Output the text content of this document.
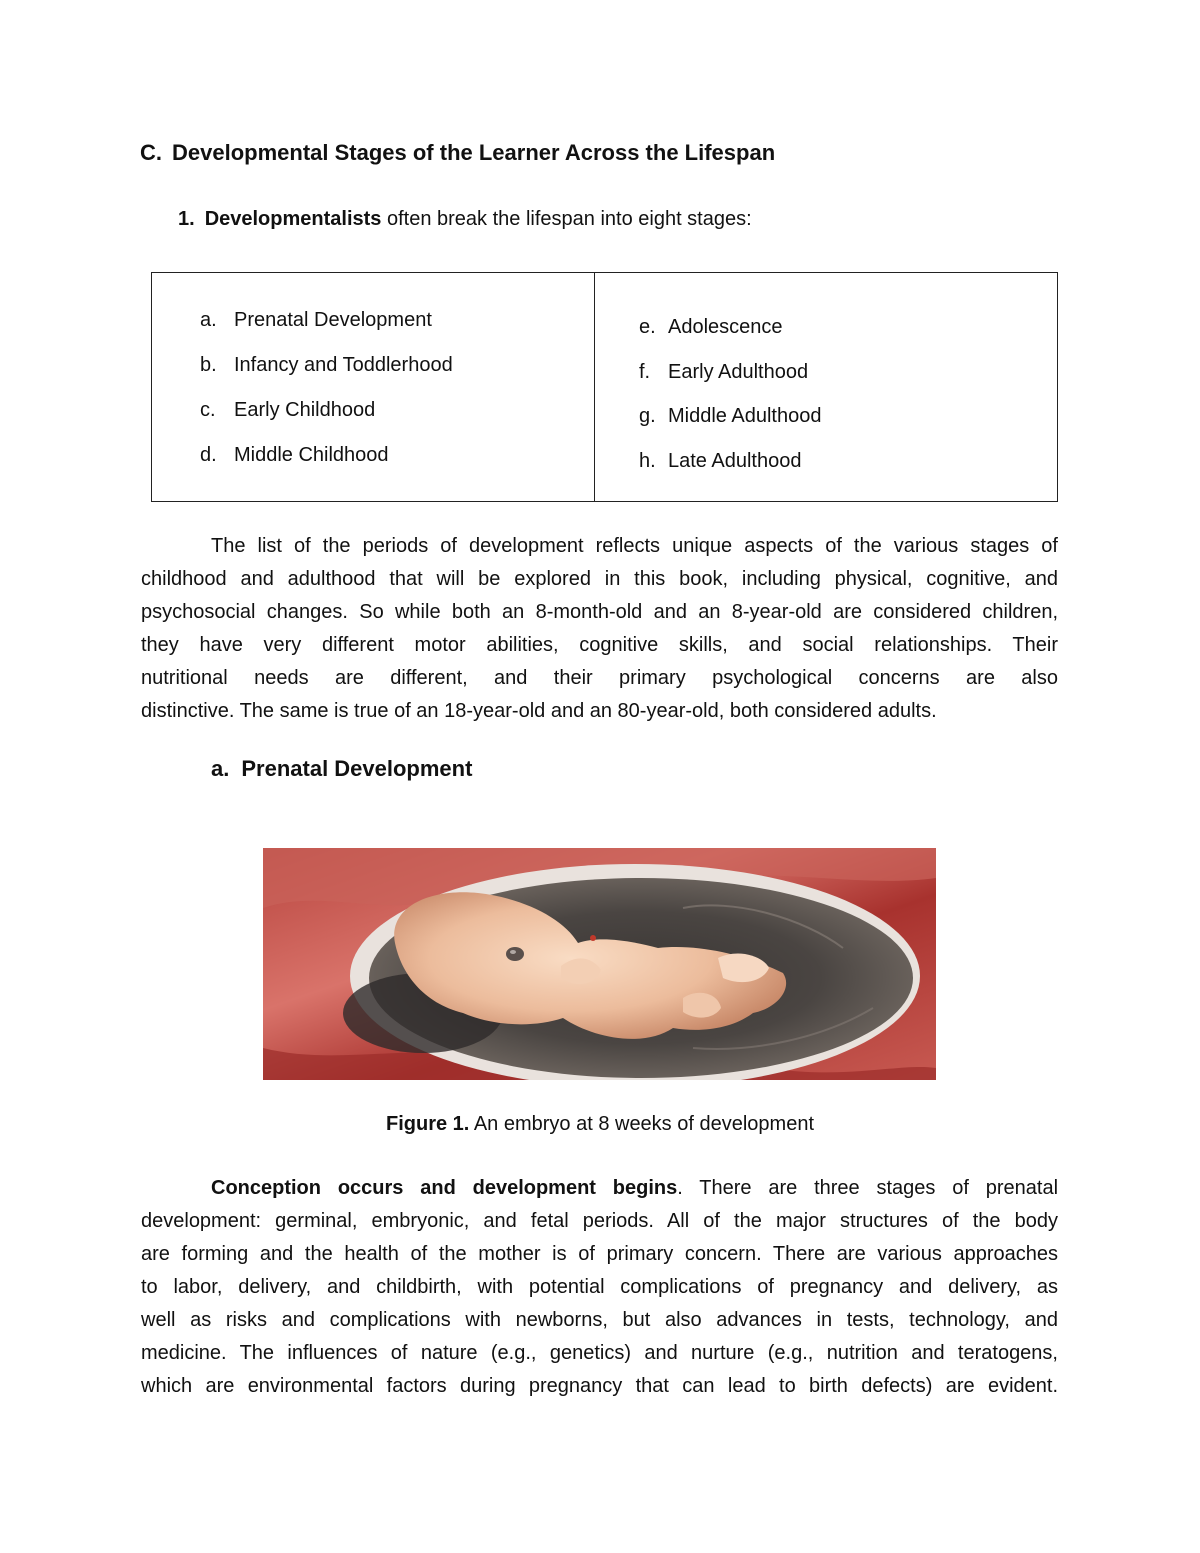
C. Developmental Stages of the Learner Across the Lifespan
1. Developmentalists often break the lifespan into eight stages:
a. Prenatal Development
b. Infancy and Toddlerhood
c. Early Childhood
d. Middle Childhood
e. Adolescence
f. Early Adulthood
g. Middle Adulthood
h. Late Adulthood
The list of the periods of development reflects unique aspects of the various stages of
childhood and adulthood that will be explored in this book, including physical, cognitive, and
psychosocial changes. So while both an 8-month-old and an 8-year-old are considered children,
they have very different motor abilities, cognitive skills, and social relationships. Their
nutritional needs are different, and their primary psychological concerns are also
distinctive. The same is true of an 18-year-old and an 80-year-old, both considered adults.
a. Prenatal Development
Figure 1. An embryo at 8 weeks of development
Conception occurs and development begins. There are three stages of prenatal
development: germinal, embryonic, and fetal periods. All of the major structures of the body
are forming and the health of the mother is of primary concern. There are various approaches
to labor, delivery, and childbirth, with potential complications of pregnancy and delivery, as
well as risks and complications with newborns, but also advances in tests, technology, and
medicine. The influences of nature (e.g., genetics) and nurture (e.g., nutrition and teratogens,
which are environmental factors during pregnancy that can lead to birth defects) are evident.
